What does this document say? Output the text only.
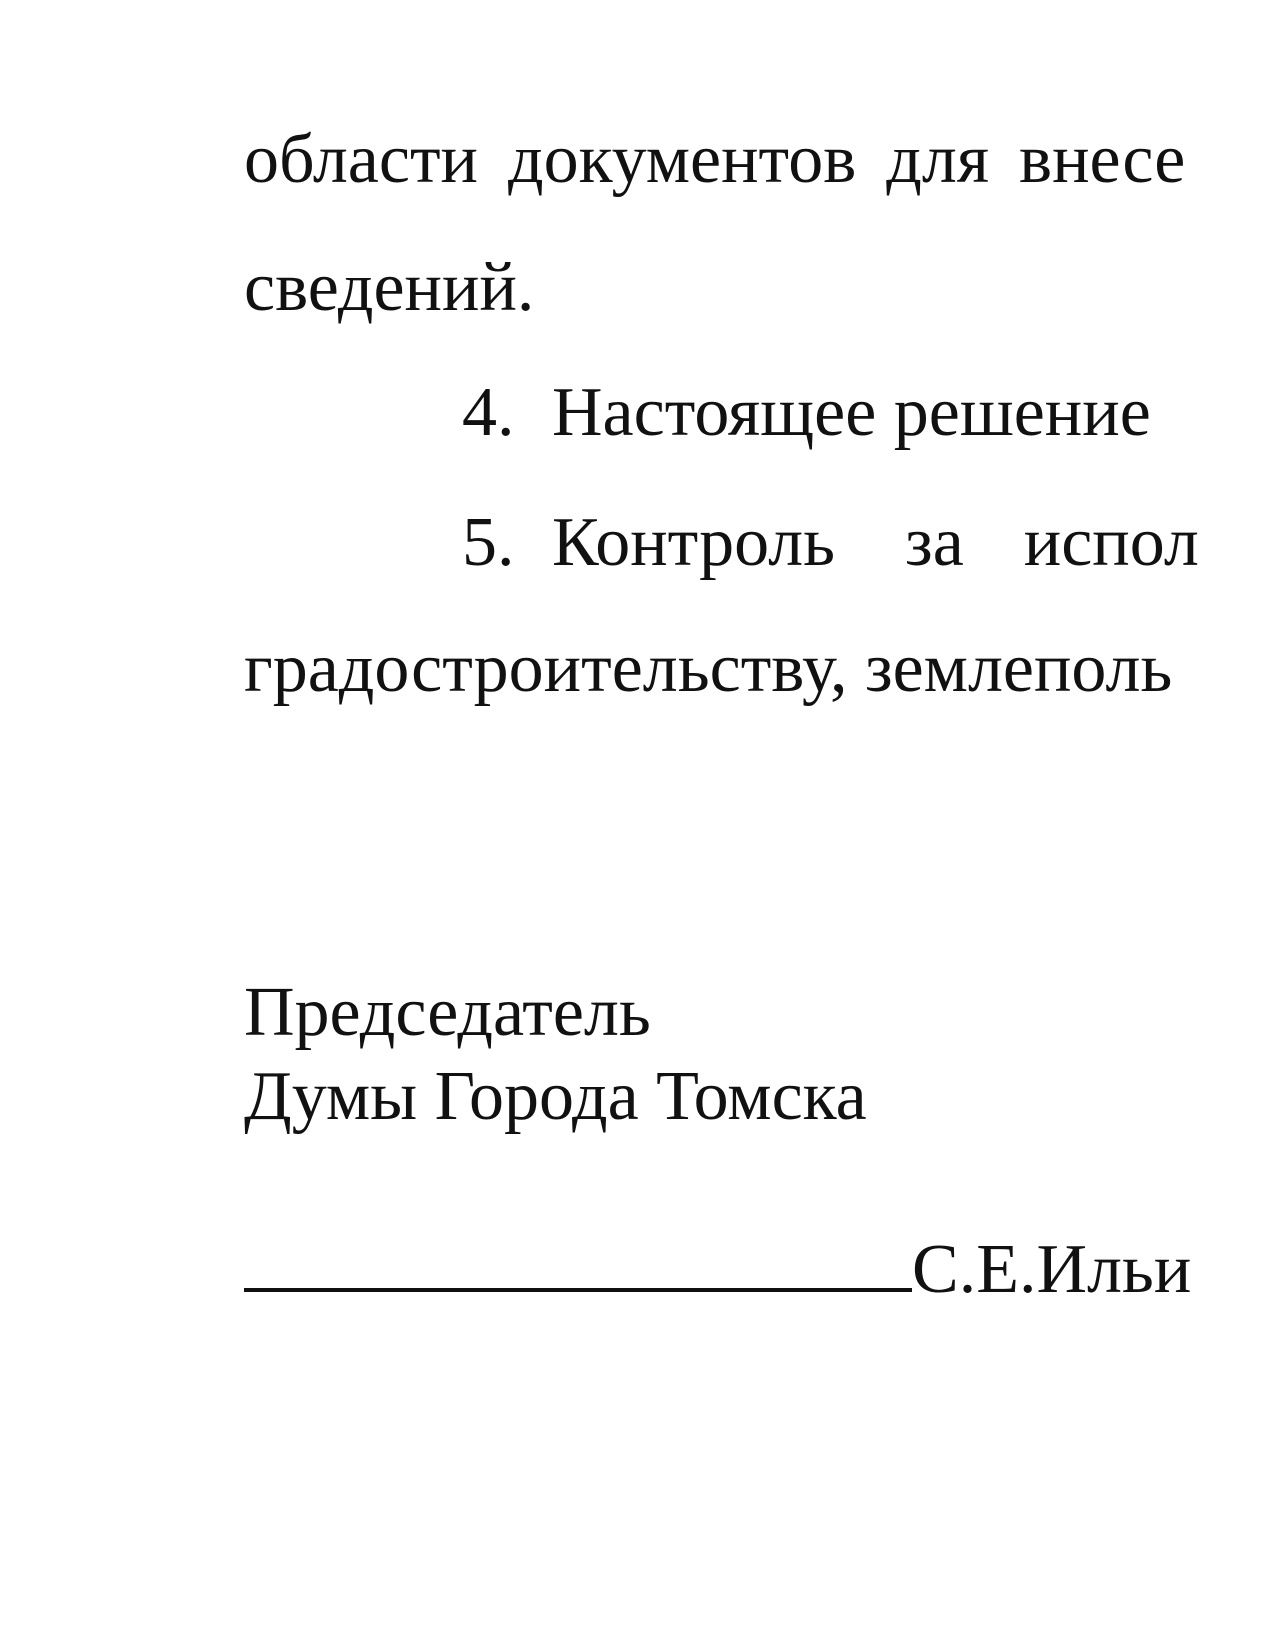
области документов для внесе
сведений.
4. Настоящее решение
5. Контроль за испол
градостроительству, землеполь
Председатель
Думы Города Томска
С.Е.Ильи
